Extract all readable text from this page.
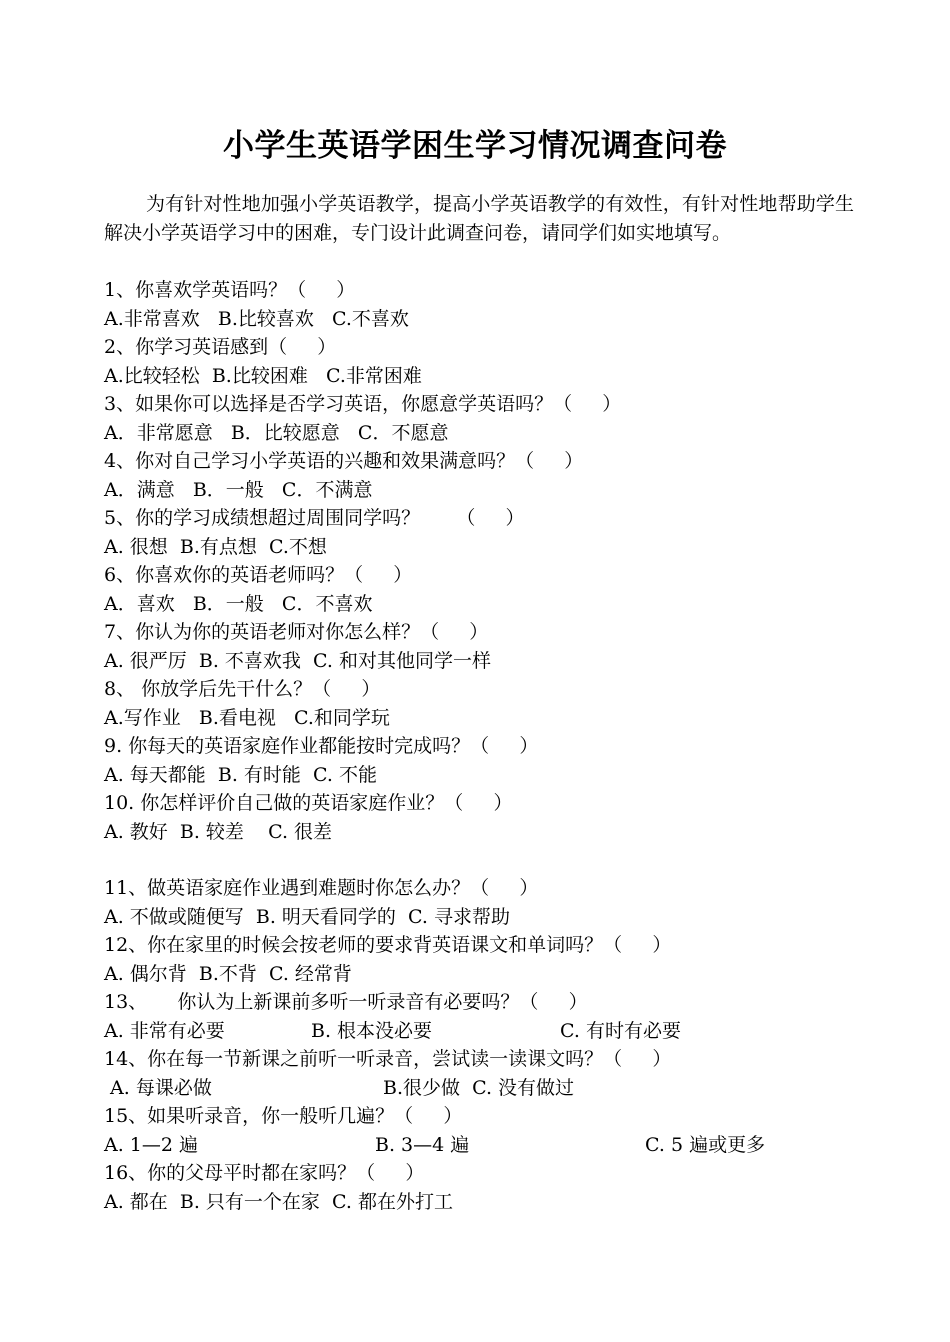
小学生英语学困生学习情况调查问卷
为有针对性地加强小学英语教学，提高小学英语教学的有效性，有针对性地帮助学生解决小学英语学习中的困难，专门设计此调查问卷，请同学们如实地填写。
1、你喜欢学英语吗？（     ）
A.非常喜欢   B.比较喜欢   C.不喜欢
2、你学习英语感到（     ）
A.比较轻松  B.比较困难   C.非常困难
3、如果你可以选择是否学习英语，你愿意学英语吗？（     ）
A．非常愿意   B．比较愿意   C．不愿意
4、你对自己学习小学英语的兴趣和效果满意吗？（     ）
A．满意   B．一般   C．不满意
5、你的学习成绩想超过周围同学吗？      （     ）
A. 很想  B.有点想  C.不想
6、你喜欢你的英语老师吗？（     ）
A．喜欢   B．一般   C．不喜欢
7、你认为你的英语老师对你怎么样？（     ）
A. 很严厉  B. 不喜欢我  C. 和对其他同学一样
8、 你放学后先干什么？（     ）
A.写作业   B.看电视   C.和同学玩
9. 你每天的英语家庭作业都能按时完成吗？（     ）
A. 每天都能  B. 有时能  C. 不能
10. 你怎样评价自己做的英语家庭作业？（     ）
A. 教好  B. 较差    C. 很差
11、做英语家庭作业遇到难题时你怎么办？（     ）
A. 不做或随便写  B. 明天看同学的  C. 寻求帮助
12、你在家里的时候会按老师的要求背英语课文和单词吗？（     ）
A. 偶尔背  B.不背  C. 经常背
13、     你认为上新课前多听一听录音有必要吗？（     ）
A. 非常有必要	B. 根本没必要	C. 有时有必要
14、你在每一节新课之前听一听录音，尝试读一读课文吗？（     ）
A. 每课必做	B.很少做  C. 没有做过
15、如果听录音，你一般听几遍？（     ）
A. 1—2 遍	B. 3—4 遍	C. 5 遍或更多
16、你的父母平时都在家吗？（     ）
A. 都在  B. 只有一个在家  C. 都在外打工
